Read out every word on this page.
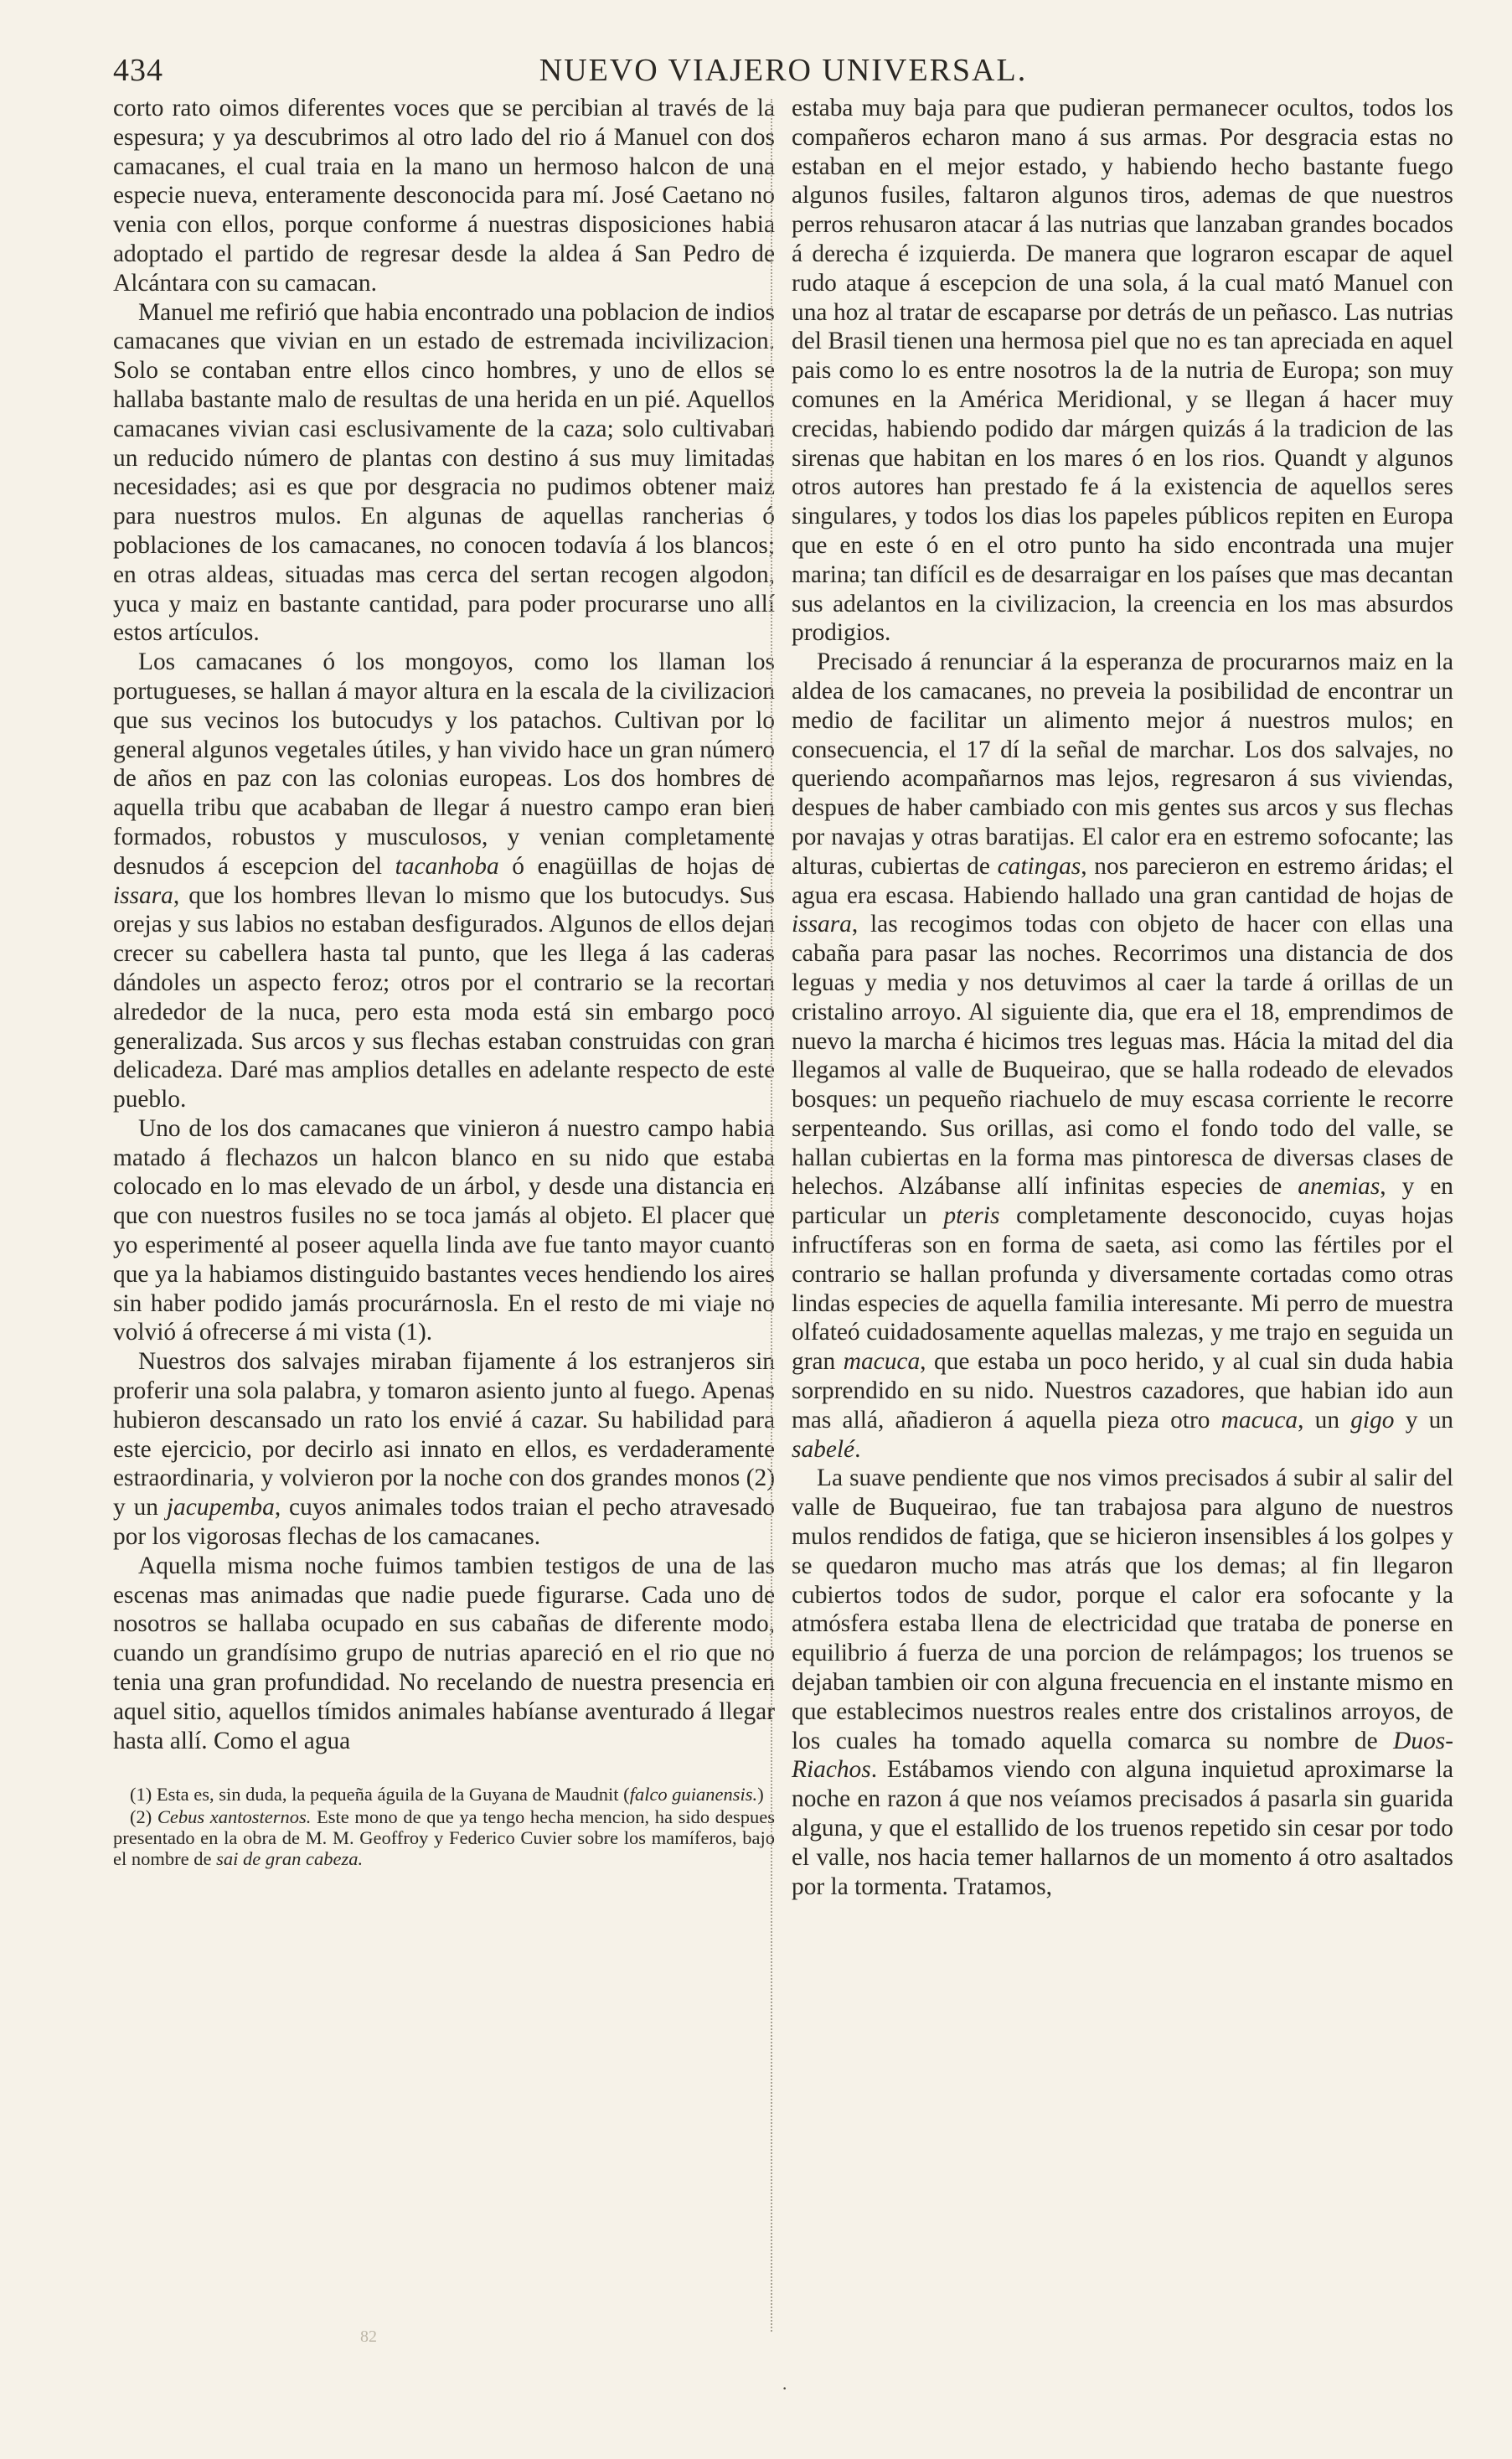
434	NUEVO VIAJERO UNIVERSAL.

corto rato oimos diferentes voces que se percibian al través de la espesura; y ya descubrimos al otro lado del rio á Manuel con dos camacanes, el cual traia en la mano un hermoso halcon de una especie nueva, enteramente desconocida para mí. José Caetano no venia con ellos, porque conforme á nuestras disposiciones habia adoptado el partido de regresar desde la aldea á San Pedro de Alcántara con su camacan.

Manuel me refirió que habia encontrado una poblacion de indios camacanes que vivian en un estado de estremada incivilizacion. Solo se contaban entre ellos cinco hombres, y uno de ellos se hallaba bastante malo de resultas de una herida en un pié. Aquellos camacanes vivian casi esclusivamente de la caza; solo cultivaban un reducido número de plantas con destino á sus muy limitadas necesidades; asi es que por desgracia no pudimos obtener maiz para nuestros mulos. En algunas de aquellas rancherias ó poblaciones de los camacanes, no conocen todavía á los blancos; en otras aldeas, situadas mas cerca del sertan recogen algodon, yuca y maiz en bastante cantidad, para poder procurarse uno allí estos artículos.

Los camacanes ó los mongoyos, como los llaman los portugueses, se hallan á mayor altura en la escala de la civilizacion que sus vecinos los butocudys y los patachos. Cultivan por lo general algunos vegetales útiles, y han vivido hace un gran número de años en paz con las colonias europeas. Los dos hombres de aquella tribu que acababan de llegar á nuestro campo eran bien formados, robustos y musculosos, y venian completamente desnudos á escepcion del tacanhoba ó enagüillas de hojas de issara, que los hombres llevan lo mismo que los butocudys. Sus orejas y sus labios no estaban desfigurados. Algunos de ellos dejan crecer su cabellera hasta tal punto, que les llega á las caderas dándoles un aspecto feroz; otros por el contrario se la recortan alrededor de la nuca, pero esta moda está sin embargo poco generalizada. Sus arcos y sus flechas estaban construidas con gran delicadeza. Daré mas amplios detalles en adelante respecto de este pueblo.

Uno de los dos camacanes que vinieron á nuestro campo habia matado á flechazos un halcon blanco en su nido que estaba colocado en lo mas elevado de un árbol, y desde una distancia en que con nuestros fusiles no se toca jamás al objeto. El placer que yo esperimenté al poseer aquella linda ave fue tanto mayor cuanto que ya la habiamos distinguido bastantes veces hendiendo los aires sin haber podido jamás procurárnosla. En el resto de mi viaje no volvió á ofrecerse á mi vista (1).

Nuestros dos salvajes miraban fijamente á los estranjeros sin proferir una sola palabra, y tomaron asiento junto al fuego. Apenas hubieron descansado un rato los envié á cazar. Su habilidad para este ejercicio, por decirlo asi innato en ellos, es verdaderamente estraordinaria, y volvieron por la noche con dos grandes monos (2) y un jacupemba, cuyos animales todos traian el pecho atravesado por los vigorosas flechas de los camacanes.

Aquella misma noche fuimos tambien testigos de una de las escenas mas animadas que nadie puede figurarse. Cada uno de nosotros se hallaba ocupado en sus cabañas de diferente modo, cuando un grandísimo grupo de nutrias apareció en el rio que no tenia una gran profundidad. No recelando de nuestra presencia en aquel sitio, aquellos tímidos animales habíanse aventurado á llegar hasta allí. Como el agua

(1) Esta es, sin duda, la pequeña águila de la Guyana de Maudnit (falco guianensis.)

(2) Cebus xantosternos. Este mono de que ya tengo hecha mencion, ha sido despues presentado en la obra de M. M. Geoffroy y Federico Cuvier sobre los mamíferos, bajo el nombre de sai de gran cabeza.

estaba muy baja para que pudieran permanecer ocultos, todos los compañeros echaron mano á sus armas. Por desgracia estas no estaban en el mejor estado, y habiendo hecho bastante fuego algunos fusiles, faltaron algunos tiros, ademas de que nuestros perros rehusaron atacar á las nutrias que lanzaban grandes bocados á derecha é izquierda. De manera que lograron escapar de aquel rudo ataque á escepcion de una sola, á la cual mató Manuel con una hoz al tratar de escaparse por detrás de un peñasco. Las nutrias del Brasil tienen una hermosa piel que no es tan apreciada en aquel pais como lo es entre nosotros la de la nutria de Europa; son muy comunes en la América Meridional, y se llegan á hacer muy crecidas, habiendo podido dar márgen quizás á la tradicion de las sirenas que habitan en los mares ó en los rios. Quandt y algunos otros autores han prestado fe á la existencia de aquellos seres singulares, y todos los dias los papeles públicos repiten en Europa que en este ó en el otro punto ha sido encontrada una mujer marina; tan difícil es de desarraigar en los países que mas decantan sus adelantos en la civilizacion, la creencia en los mas absurdos prodigios.

Precisado á renunciar á la esperanza de procurarnos maiz en la aldea de los camacanes, no preveia la posibilidad de encontrar un medio de facilitar un alimento mejor á nuestros mulos; en consecuencia, el 17 dí la señal de marchar. Los dos salvajes, no queriendo acompañarnos mas lejos, regresaron á sus viviendas, despues de haber cambiado con mis gentes sus arcos y sus flechas por navajas y otras baratijas. El calor era en estremo sofocante; las alturas, cubiertas de catingas, nos parecieron en estremo áridas; el agua era escasa. Habiendo hallado una gran cantidad de hojas de issara, las recogimos todas con objeto de hacer con ellas una cabaña para pasar las noches. Recorrimos una distancia de dos leguas y media y nos detuvimos al caer la tarde á orillas de un cristalino arroyo. Al siguiente dia, que era el 18, emprendimos de nuevo la marcha é hicimos tres leguas mas. Hácia la mitad del dia llegamos al valle de Buqueirao, que se halla rodeado de elevados bosques: un pequeño riachuelo de muy escasa corriente le recorre serpenteando. Sus orillas, asi como el fondo todo del valle, se hallan cubiertas en la forma mas pintoresca de diversas clases de helechos. Alzábanse allí infinitas especies de anemias, y en particular un pteris completamente desconocido, cuyas hojas infructíferas son en forma de saeta, asi como las fértiles por el contrario se hallan profunda y diversamente cortadas como otras lindas especies de aquella familia interesante. Mi perro de muestra olfateó cuidadosamente aquellas malezas, y me trajo en seguida un gran macuca, que estaba un poco herido, y al cual sin duda habia sorprendido en su nido. Nuestros cazadores, que habian ido aun mas allá, añadieron á aquella pieza otro macuca, un gigo y un sabelé.

La suave pendiente que nos vimos precisados á subir al salir del valle de Buqueirao, fue tan trabajosa para alguno de nuestros mulos rendidos de fatiga, que se hicieron insensibles á los golpes y se quedaron mucho mas atrás que los demas; al fin llegaron cubiertos todos de sudor, porque el calor era sofocante y la atmósfera estaba llena de electricidad que trataba de ponerse en equilibrio á fuerza de una porcion de relámpagos; los truenos se dejaban tambien oir con alguna frecuencia en el instante mismo en que establecimos nuestros reales entre dos cristalinos arroyos, de los cuales ha tomado aquella comarca su nombre de Duos-Riachos. Estábamos viendo con alguna inquietud aproximarse la noche en razon á que nos veíamos precisados á pasarla sin guarida alguna, y que el estallido de los truenos repetido sin cesar por todo el valle, nos hacia temer hallarnos de un momento á otro asaltados por la tormenta. Tratamos,

82
·
